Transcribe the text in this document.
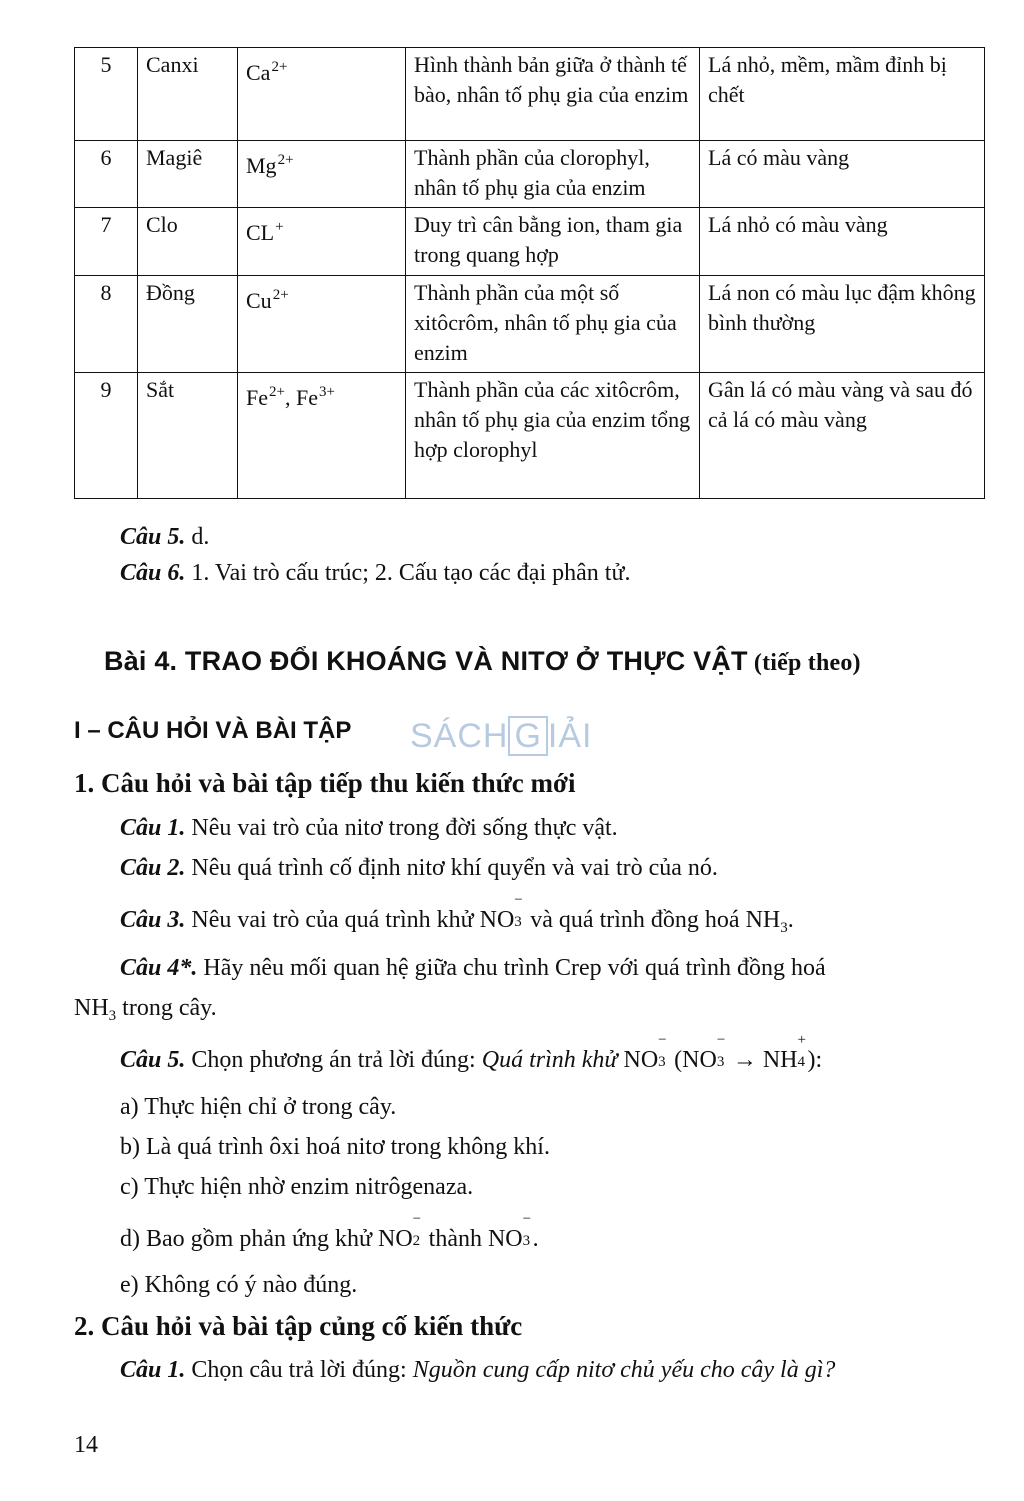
5	Canxi	$Ca^{2+}$	Hình thành bản giữa ở thành tế bào, nhân tố phụ gia của enzim	Lá nhỏ, mềm, mầm đỉnh bị chết
6	Magiê	$Mg^{2+}$	Thành phần của clorophyl, nhân tố phụ gia của enzim	Lá có màu vàng
7	Clo	CL+	Duy trì cân bằng ion, tham gia trong quang hợp	Lá nhỏ có màu vàng
8	Đồng	$Cu^{2+}$	Thành phần của một số xitôcrôm, nhân tố phụ gia của enzim	Lá non có màu lục đậm không bình thường
9	Sắt	$Fe^{2+}$, $Fe^{3+}$	Thành phần của các xitôcrôm, nhân tố phụ gia của enzim tổng hợp clorophyl	Gân lá có màu vàng và sau đó cả lá có màu vàng
Câu 5. d.
Câu 6. 1. Vai trò cấu trúc; 2. Cấu tạo các đại phân tử.
Bài 4. TRAO ĐỔI KHOÁNG VÀ NITƠ Ở THỰC VẬT (tiếp theo)
I – CÂU HỎI VÀ BÀI TẬP SÁCH G IẢI
1. Câu hỏi và bài tập tiếp thu kiến thức mới
Câu 1. Nêu vai trò của nitơ trong đời sống thực vật.
Câu 2. Nêu quá trình cố định nitơ khí quyển và vai trò của nó.
Câu 3. Nêu vai trò của quá trình khử NO
−
3 và quá trình đồng hoá $NH_3$.
Câu 4*. Hãy nêu mối quan hệ giữa chu trình Crep với quá trình đồng hoá
$NH_3$ trong cây.
Câu 5. Chọn phương án trả lời đúng: Quá trình khử NO
−
3 (NO
−
3 → NH
+
4 ):
a) Thực hiện chỉ ở trong cây.
b) Là quá trình ôxi hoá nitơ trong không khí.
c) Thực hiện nhờ enzim nitrôgenaza.
d) Bao gồm phản ứng khử NO
−
2 thành NO
−
3 .
e) Không có ý nào đúng.
2. Câu hỏi và bài tập củng cố kiến thức
Câu 1. Chọn câu trả lời đúng: Nguồn cung cấp nitơ chủ yếu cho cây là gì?
14
